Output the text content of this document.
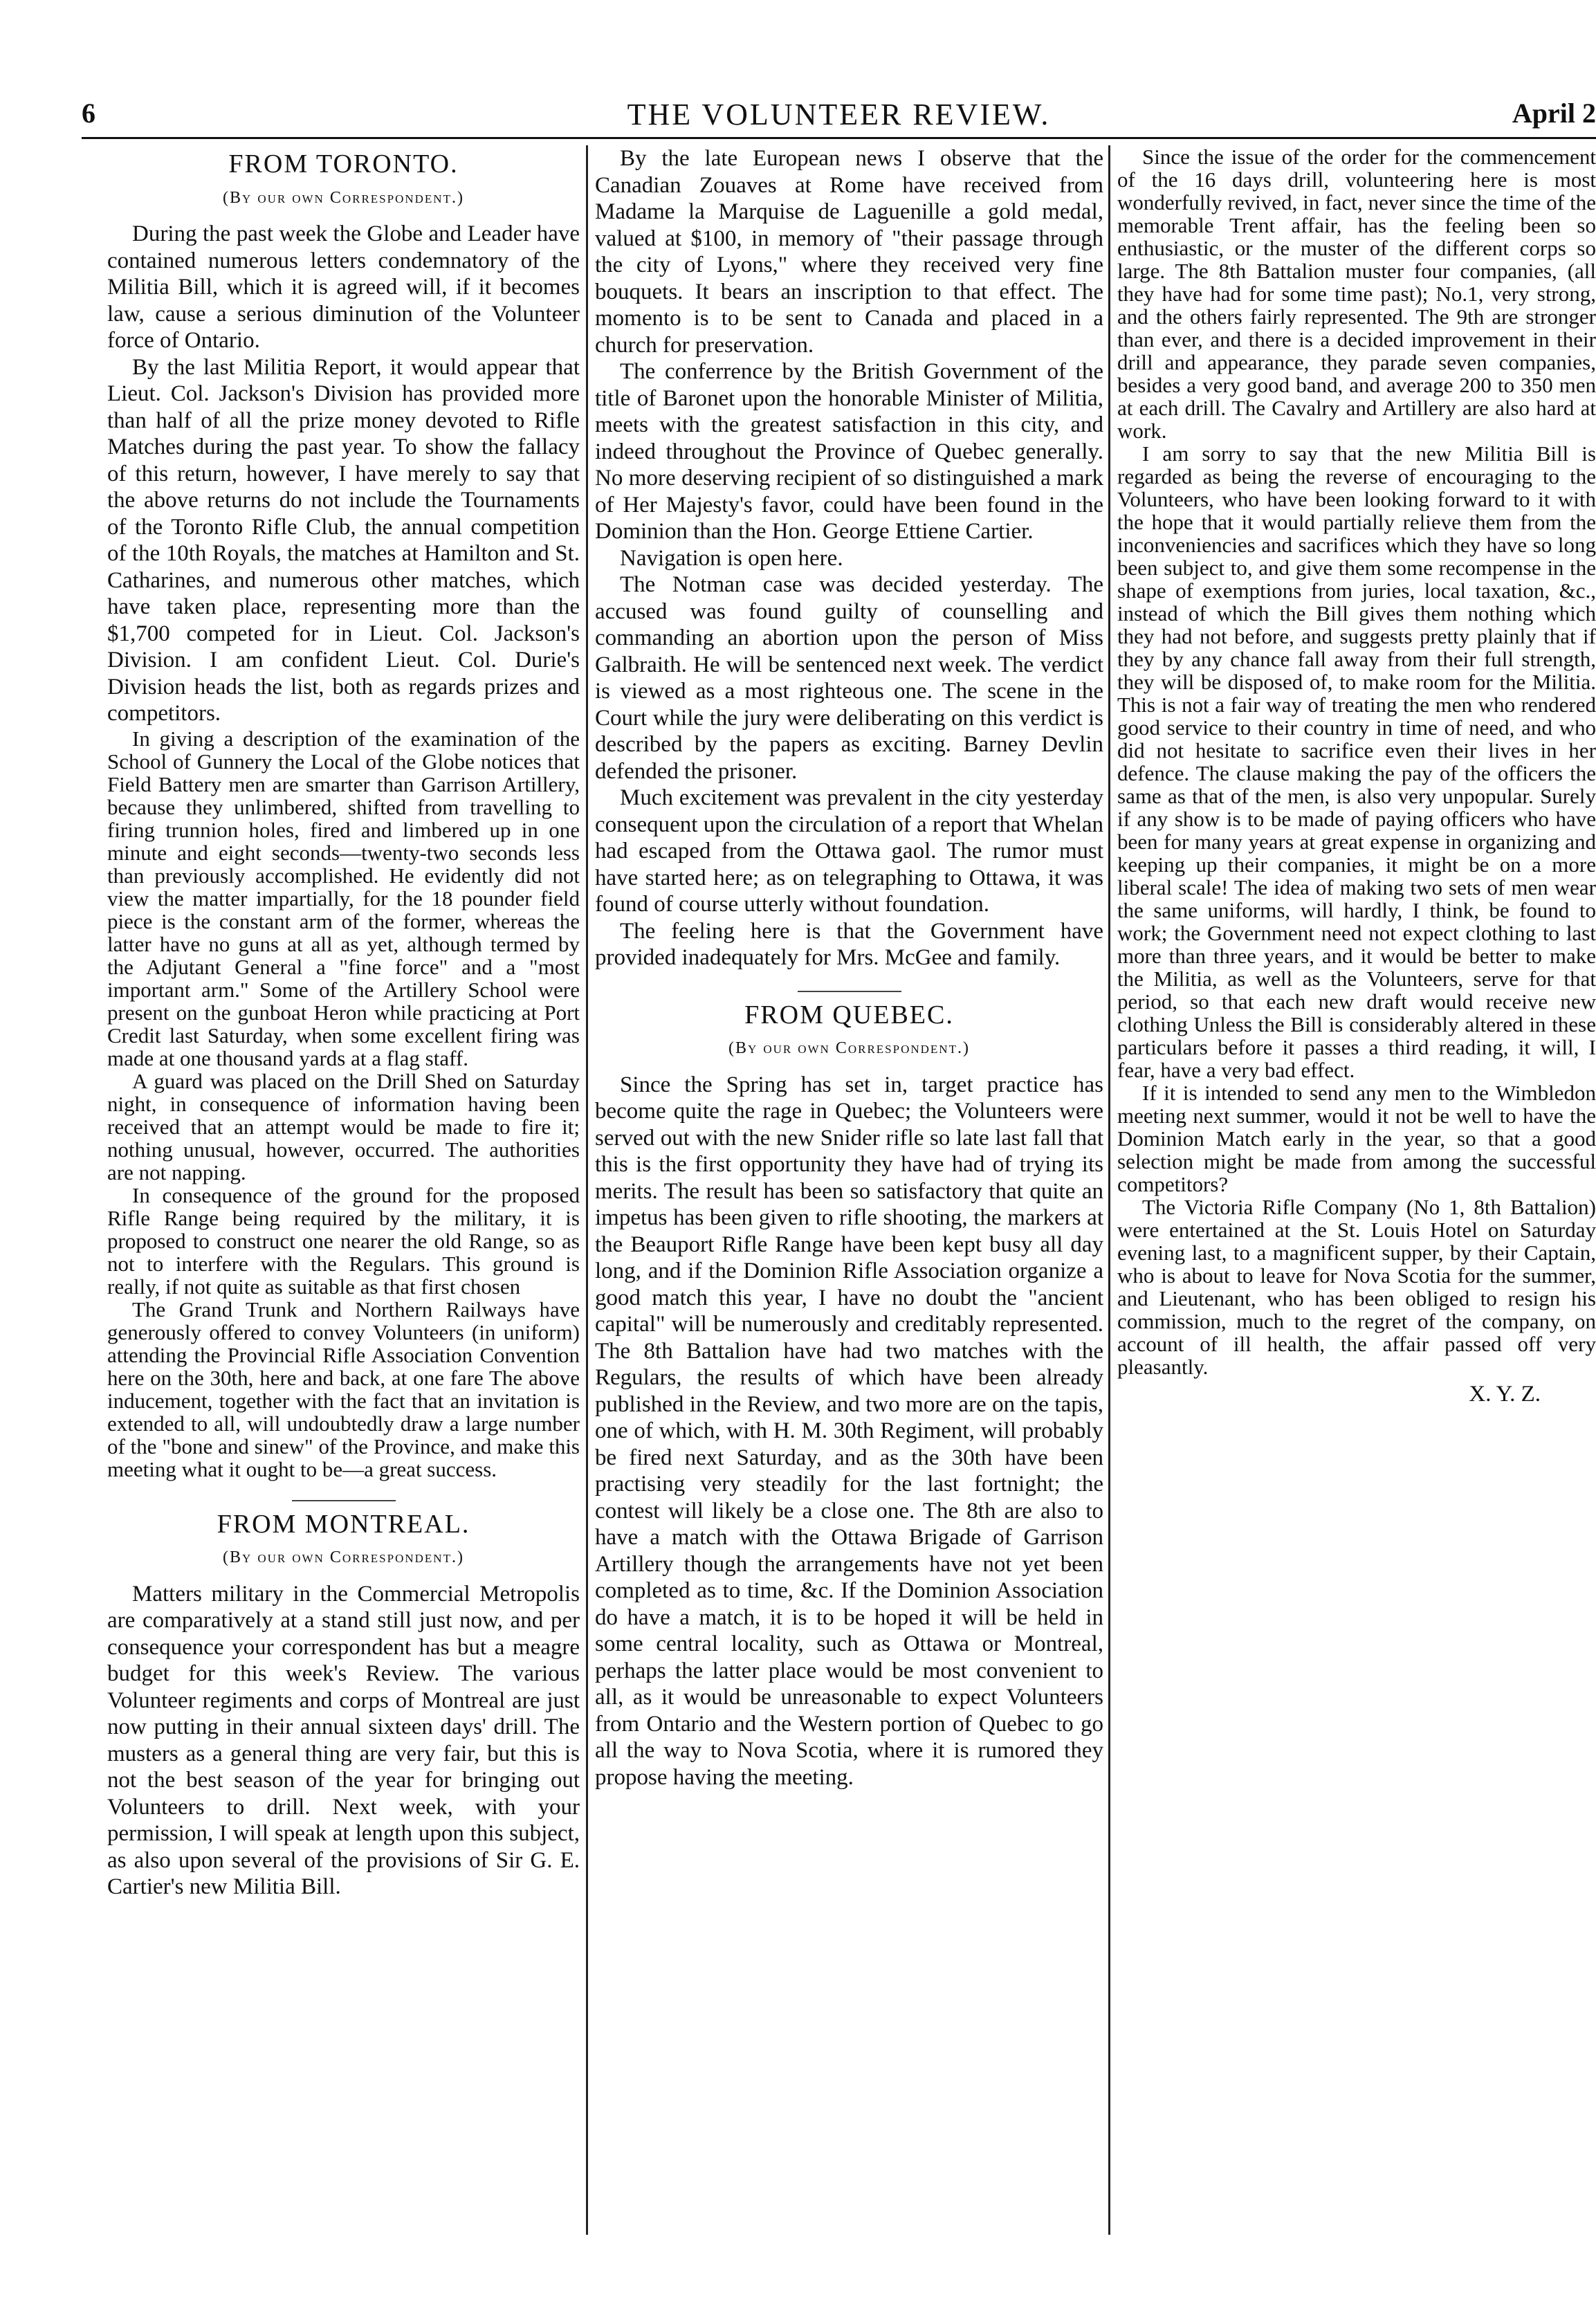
6	THE VOLUNTEER REVIEW.	April 2
FROM TORONTO.
(By our own Correspondent.)

During the past week the Globe and Leader have contained numerous letters condemnatory of the Militia Bill, which it is agreed will, if it becomes law, cause a serious diminution of the Volunteer force of Ontario.

By the last Militia Report, it would appear that Lieut. Col. Jackson's Division has provided more than half of all the prize money devoted to Rifle Matches during the past year. To show the fallacy of this return, however, I have merely to say that the above returns do not include the Tournaments of the Toronto Rifle Club, the annual competition of the 10th Royals, the matches at Hamilton and St. Catharines, and numerous other matches, which have taken place, representing more than the $1,700 competed for in Lieut. Col. Jackson's Division. I am confident Lieut. Col. Durie's Division heads the list, both as regards prizes and competitors.

In giving a description of the examination of the School of Gunnery the Local of the Globe notices that Field Battery men are smarter than Garrison Artillery, because they unlimbered, shifted from travelling to firing trunnion holes, fired and limbered up in one minute and eight seconds—twenty-two seconds less than previously accomplished. He evidently did not view the matter impartially, for the 18 pounder field piece is the constant arm of the former, whereas the latter have no guns at all as yet, although termed by the Adjutant General a "fine force" and a "most important arm." Some of the Artillery School were present on the gunboat Heron while practicing at Port Credit last Saturday, when some excellent firing was made at one thousand yards at a flag staff.

A guard was placed on the Drill Shed on Saturday night, in consequence of information having been received that an attempt would be made to fire it; nothing unusual, however, occurred. The authorities are not napping.

In consequence of the ground for the proposed Rifle Range being required by the military, it is proposed to construct one nearer the old Range, so as not to interfere with the Regulars. This ground is really, if not quite as suitable as that first chosen

The Grand Trunk and Northern Railways have generously offered to convey Volunteers (in uniform) attending the Provincial Rifle Association Convention here on the 30th, here and back, at one fare The above inducement, together with the fact that an invitation is extended to all, will undoubtedly draw a large number of the "bone and sinew" of the Province, and make this meeting what it ought to be—a great success.

FROM MONTREAL.
(By our own Correspondent.)

Matters military in the Commercial Metropolis are comparatively at a stand still just now, and per consequence your correspondent has but a meagre budget for this week's Review. The various Volunteer regiments and corps of Montreal are just now putting in their annual sixteen days' drill. The musters as a general thing are very fair, but this is not the best season of the year for bringing out Volunteers to drill. Next week, with your permission, I will speak at length upon this subject, as also upon several of the provisions of Sir G. E. Cartier's new Militia Bill.

By the late European news I observe that the Canadian Zouaves at Rome have received from Madame la Marquise de Laguenille a gold medal, valued at $100, in memory of "their passage through the city of Lyons," where they received very fine bouquets. It bears an inscription to that effect. The momento is to be sent to Canada and placed in a church for preservation.

The conferrence by the British Government of the title of Baronet upon the honorable Minister of Militia, meets with the greatest satisfaction in this city, and indeed throughout the Province of Quebec generally. No more deserving recipient of so distinguished a mark of Her Majesty's favor, could have been found in the Dominion than the Hon. George Ettiene Cartier.

Navigation is open here.

The Notman case was decided yesterday. The accused was found guilty of counselling and commanding an abortion upon the person of Miss Galbraith. He will be sentenced next week. The verdict is viewed as a most righteous one. The scene in the Court while the jury were deliberating on this verdict is described by the papers as exciting. Barney Devlin defended the prisoner.

Much excitement was prevalent in the city yesterday consequent upon the circulation of a report that Whelan had escaped from the Ottawa gaol. The rumor must have started here; as on telegraphing to Ottawa, it was found of course utterly without foundation.

The feeling here is that the Government have provided inadequately for Mrs. McGee and family.

FROM QUEBEC.
(By our own Correspondent.)

Since the Spring has set in, target practice has become quite the rage in Quebec; the Volunteers were served out with the new Snider rifle so late last fall that this is the first opportunity they have had of trying its merits. The result has been so satisfactory that quite an impetus has been given to rifle shooting, the markers at the Beauport Rifle Range have been kept busy all day long, and if the Dominion Rifle Association organize a good match this year, I have no doubt the "ancient capital" will be numerously and creditably represented. The 8th Battalion have had two matches with the Regulars, the results of which have been already published in the Review, and two more are on the tapis, one of which, with H. M. 30th Regiment, will probably be fired next Saturday, and as the 30th have been practising very steadily for the last fortnight; the contest will likely be a close one. The 8th are also to have a match with the Ottawa Brigade of Garrison Artillery though the arrangements have not yet been completed as to time, &c. If the Dominion Association do have a match, it is to be hoped it will be held in some central locality, such as Ottawa or Montreal, perhaps the latter place would be most convenient to all, as it would be unreasonable to expect Volunteers from Ontario and the Western portion of Quebec to go all the way to Nova Scotia, where it is rumored they propose having the meeting.

Since the issue of the order for the commencement of the 16 days drill, volunteering here is most wonderfully revived, in fact, never since the time of the memorable Trent affair, has the feeling been so enthusiastic, or the muster of the different corps so large. The 8th Battalion muster four companies, (all they have had for some time past); No.1, very strong, and the others fairly represented. The 9th are stronger than ever, and there is a decided improvement in their drill and appearance, they parade seven companies, besides a very good band, and average 200 to 350 men at each drill. The Cavalry and Artillery are also hard at work.

I am sorry to say that the new Militia Bill is regarded as being the reverse of encouraging to the Volunteers, who have been looking forward to it with the hope that it would partially relieve them from the inconveniencies and sacrifices which they have so long been subject to, and give them some recompense in the shape of exemptions from juries, local taxation, &c., instead of which the Bill gives them nothing which they had not before, and suggests pretty plainly that if they by any chance fall away from their full strength, they will be disposed of, to make room for the Militia. This is not a fair way of treating the men who rendered good service to their country in time of need, and who did not hesitate to sacrifice even their lives in her defence. The clause making the pay of the officers the same as that of the men, is also very unpopular. Surely if any show is to be made of paying officers who have been for many years at great expense in organizing and keeping up their companies, it might be on a more liberal scale! The idea of making two sets of men wear the same uniforms, will hardly, I think, be found to work; the Government need not expect clothing to last more than three years, and it would be better to make the Militia, as well as the Volunteers, serve for that period, so that each new draft would receive new clothing Unless the Bill is considerably altered in these particulars before it passes a third reading, it will, I fear, have a very bad effect.

If it is intended to send any men to the Wimbledon meeting next summer, would it not be well to have the Dominion Match early in the year, so that a good selection might be made from among the successful competitors?

The Victoria Rifle Company (No 1, 8th Battalion) were entertained at the St. Louis Hotel on Saturday evening last, to a magnificent supper, by their Captain, who is about to leave for Nova Scotia for the summer, and Lieutenant, who has been obliged to resign his commission, much to the regret of the company, on account of ill health, the affair passed off very pleasantly.

X. Y. Z.
